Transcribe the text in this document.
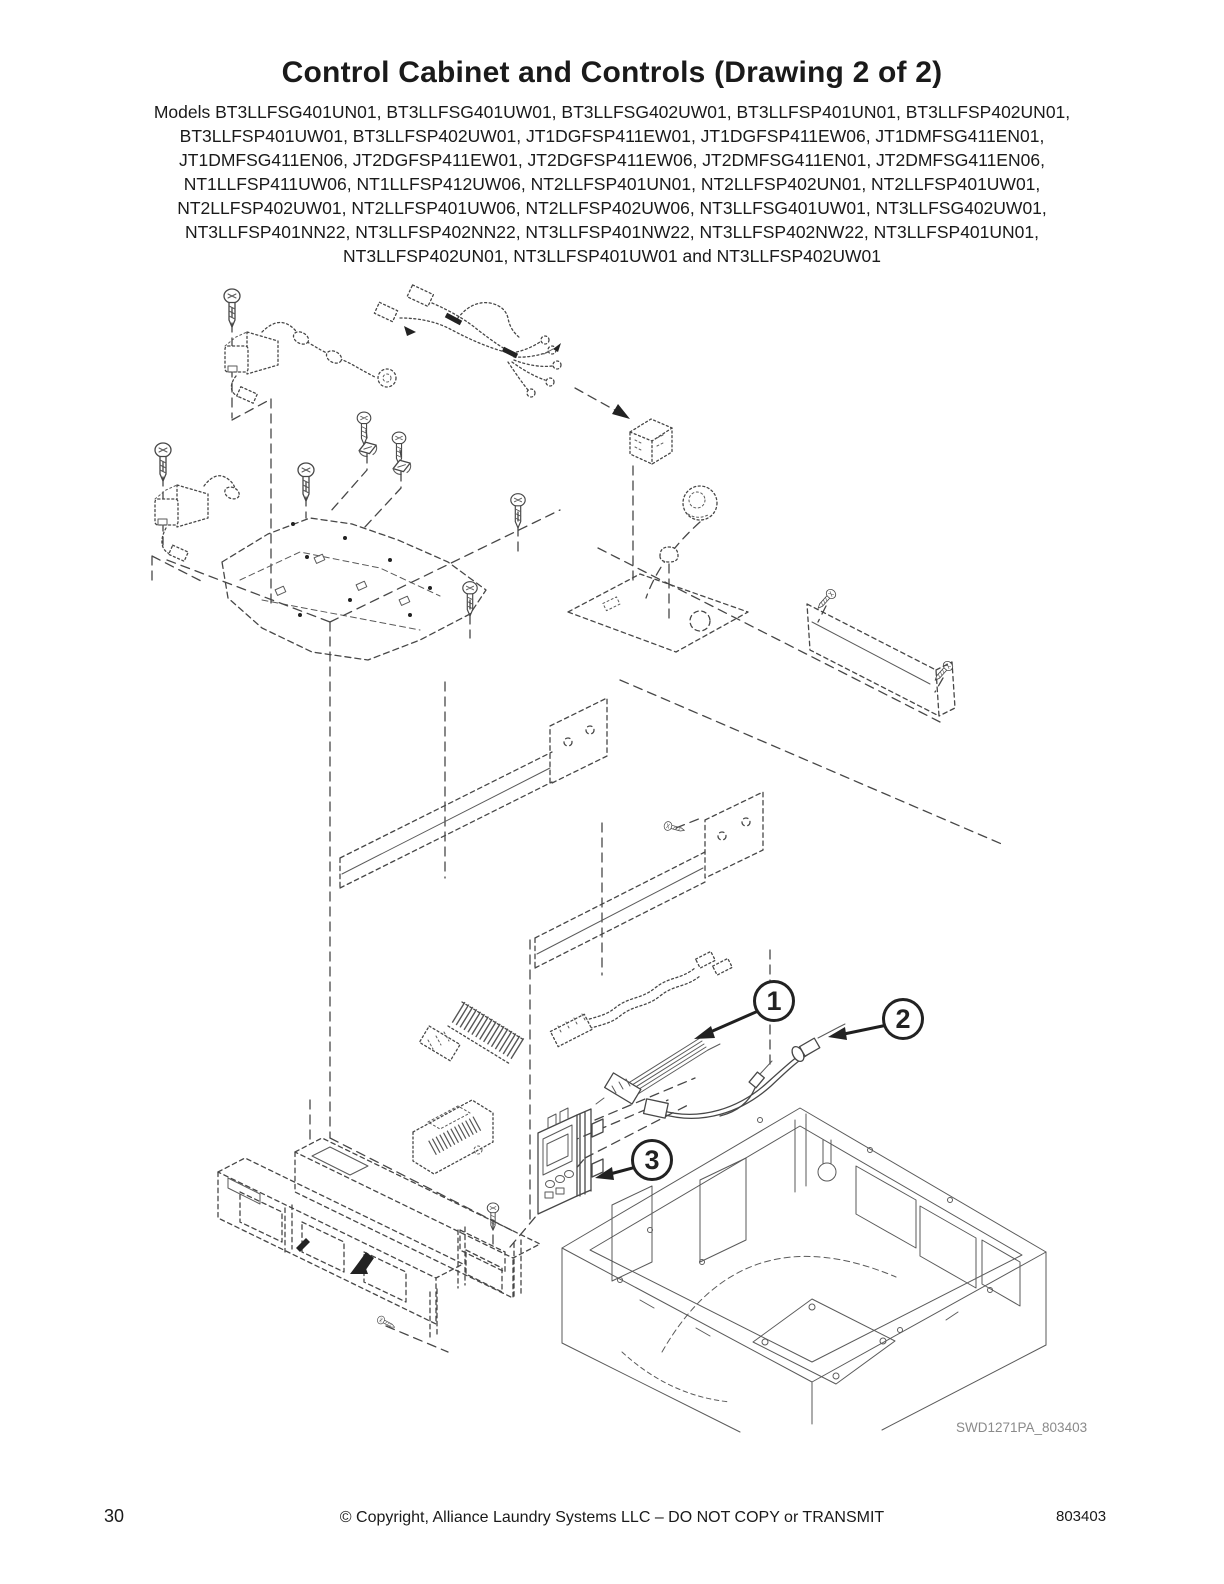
Control Cabinet and Controls (Drawing 2 of 2)
Models BT3LLFSG401UN01, BT3LLFSG401UW01, BT3LLFSG402UW01, BT3LLFSP401UN01, BT3LLFSP402UN01,
BT3LLFSP401UW01, BT3LLFSP402UW01, JT1DGFSP411EW01, JT1DGFSP411EW06, JT1DMFSG411EN01,
JT1DMFSG411EN06, JT2DGFSP411EW01, JT2DGFSP411EW06, JT2DMFSG411EN01, JT2DMFSG411EN06,
NT1LLFSP411UW06, NT1LLFSP412UW06, NT2LLFSP401UN01, NT2LLFSP402UN01, NT2LLFSP401UW01,
NT2LLFSP402UW01, NT2LLFSP401UW06, NT2LLFSP402UW06, NT3LLFSG401UW01, NT3LLFSG402UW01,
NT3LLFSP401NN22, NT3LLFSP402NN22, NT3LLFSP401NW22, NT3LLFSP402NW22, NT3LLFSP401UN01,
NT3LLFSP402UN01, NT3LLFSP401UW01 and NT3LLFSP402UW01
1
2
3
SWD1271PA_803403
30	© Copyright, Alliance Laundry Systems LLC – DO NOT COPY or TRANSMIT	803403
